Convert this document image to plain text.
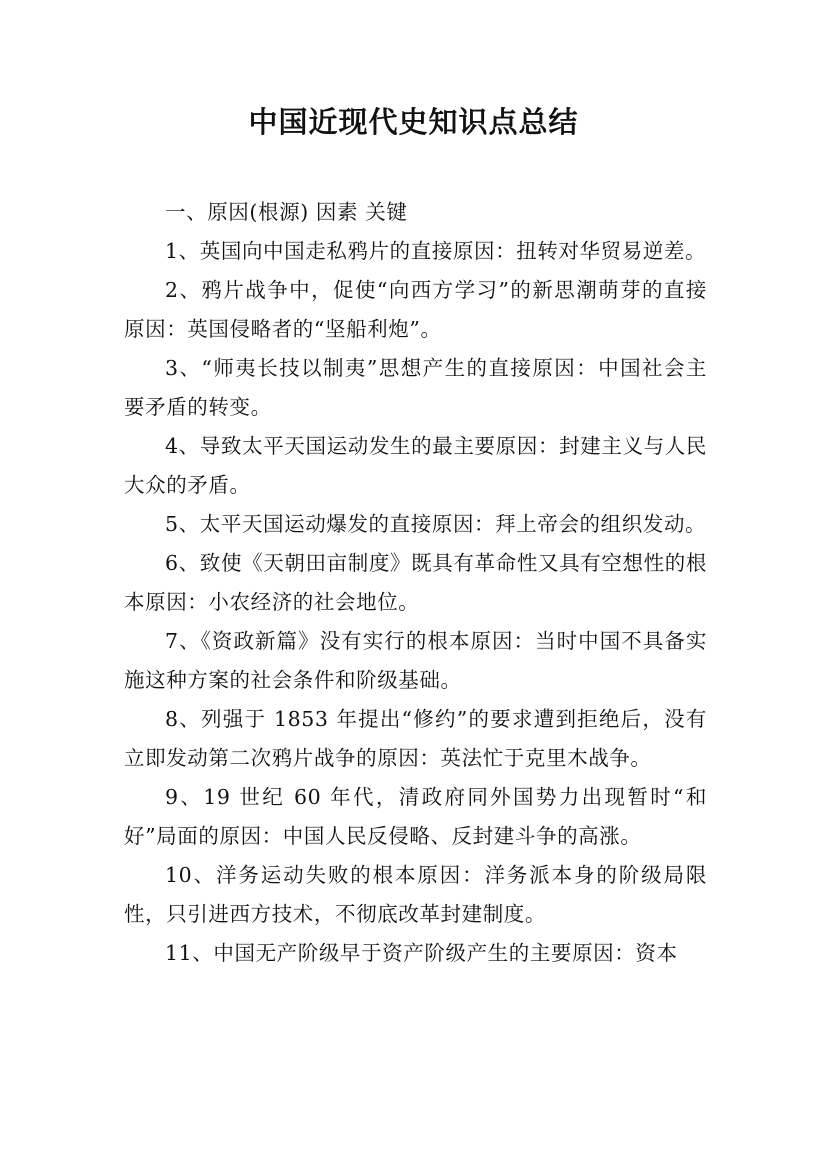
中国近现代史知识点总结

一、原因(根源) 因素 关键

1、英国向中国走私鸦片的直接原因：扭转对华贸易逆差。

2、鸦片战争中，促使“向西方学习”的新思潮萌芽的直接原因：英国侵略者的“坚船利炮”。

3、“师夷长技以制夷”思想产生的直接原因：中国社会主要矛盾的转变。

4、导致太平天国运动发生的最主要原因：封建主义与人民大众的矛盾。

5、太平天国运动爆发的直接原因：拜上帝会的组织发动。

6、致使《天朝田亩制度》既具有革命性又具有空想性的根本原因：小农经济的社会地位。

7、《资政新篇》没有实行的根本原因：当时中国不具备实施这种方案的社会条件和阶级基础。

8、列强于 1853 年提出“修约”的要求遭到拒绝后，没有立即发动第二次鸦片战争的原因：英法忙于克里木战争。

9、19 世纪 60 年代，清政府同外国势力出现暂时“和好”局面的原因：中国人民反侵略、反封建斗争的高涨。

10、洋务运动失败的根本原因：洋务派本身的阶级局限性，只引进西方技术，不彻底改革封建制度。

11、中国无产阶级早于资产阶级产生的主要原因：资本
